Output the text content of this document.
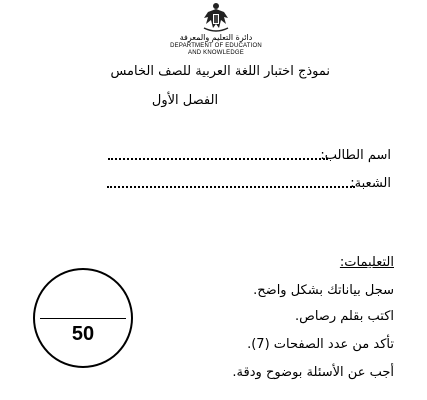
دائرة التعليم والمعرفة
DEPARTMENT OF EDUCATION
AND KNOWLEDGE
نموذج اختبار اللغة العربية للصف الخامس
الفصل الأول
اسم الطالب:
الشعبة:
التعليمات:
سجل بياناتك بشكل واضح.
اكتب بقلم رصاص.
تأكد من عدد الصفحات (7).
أجب عن الأسئلة بوضوح ودقة.
50
